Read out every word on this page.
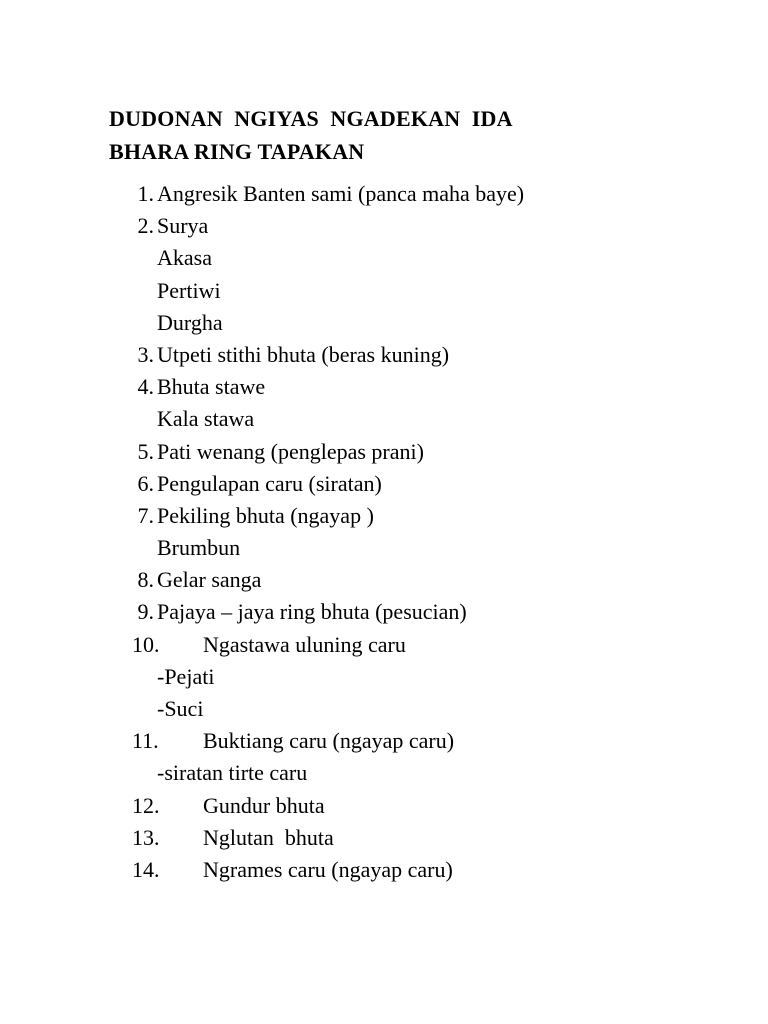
DUDONAN  NGIYAS  NGADEKAN  IDA
BHARA RING TAPAKAN

1.

Angresik Banten sami (panca maha baye)

2.

Surya

Akasa

Pertiwi

Durgha

3.

Utpeti stithi bhuta (beras kuning)

4.

Bhuta stawe

Kala stawa

5.

Pati wenang (penglepas prani)

6.

Pengulapan caru (siratan)

7.

Pekiling bhuta (ngayap )

Brumbun

8.

Gelar sanga

9.

Pajaya – jaya ring bhuta (pesucian)

10.

Ngastawa uluning caru

-Pejati

-Suci

11.

Buktiang caru (ngayap caru)

-siratan tirte caru

12.

Gundur bhuta

13.

Nglutan  bhuta

14.

Ngrames caru (ngayap caru)
